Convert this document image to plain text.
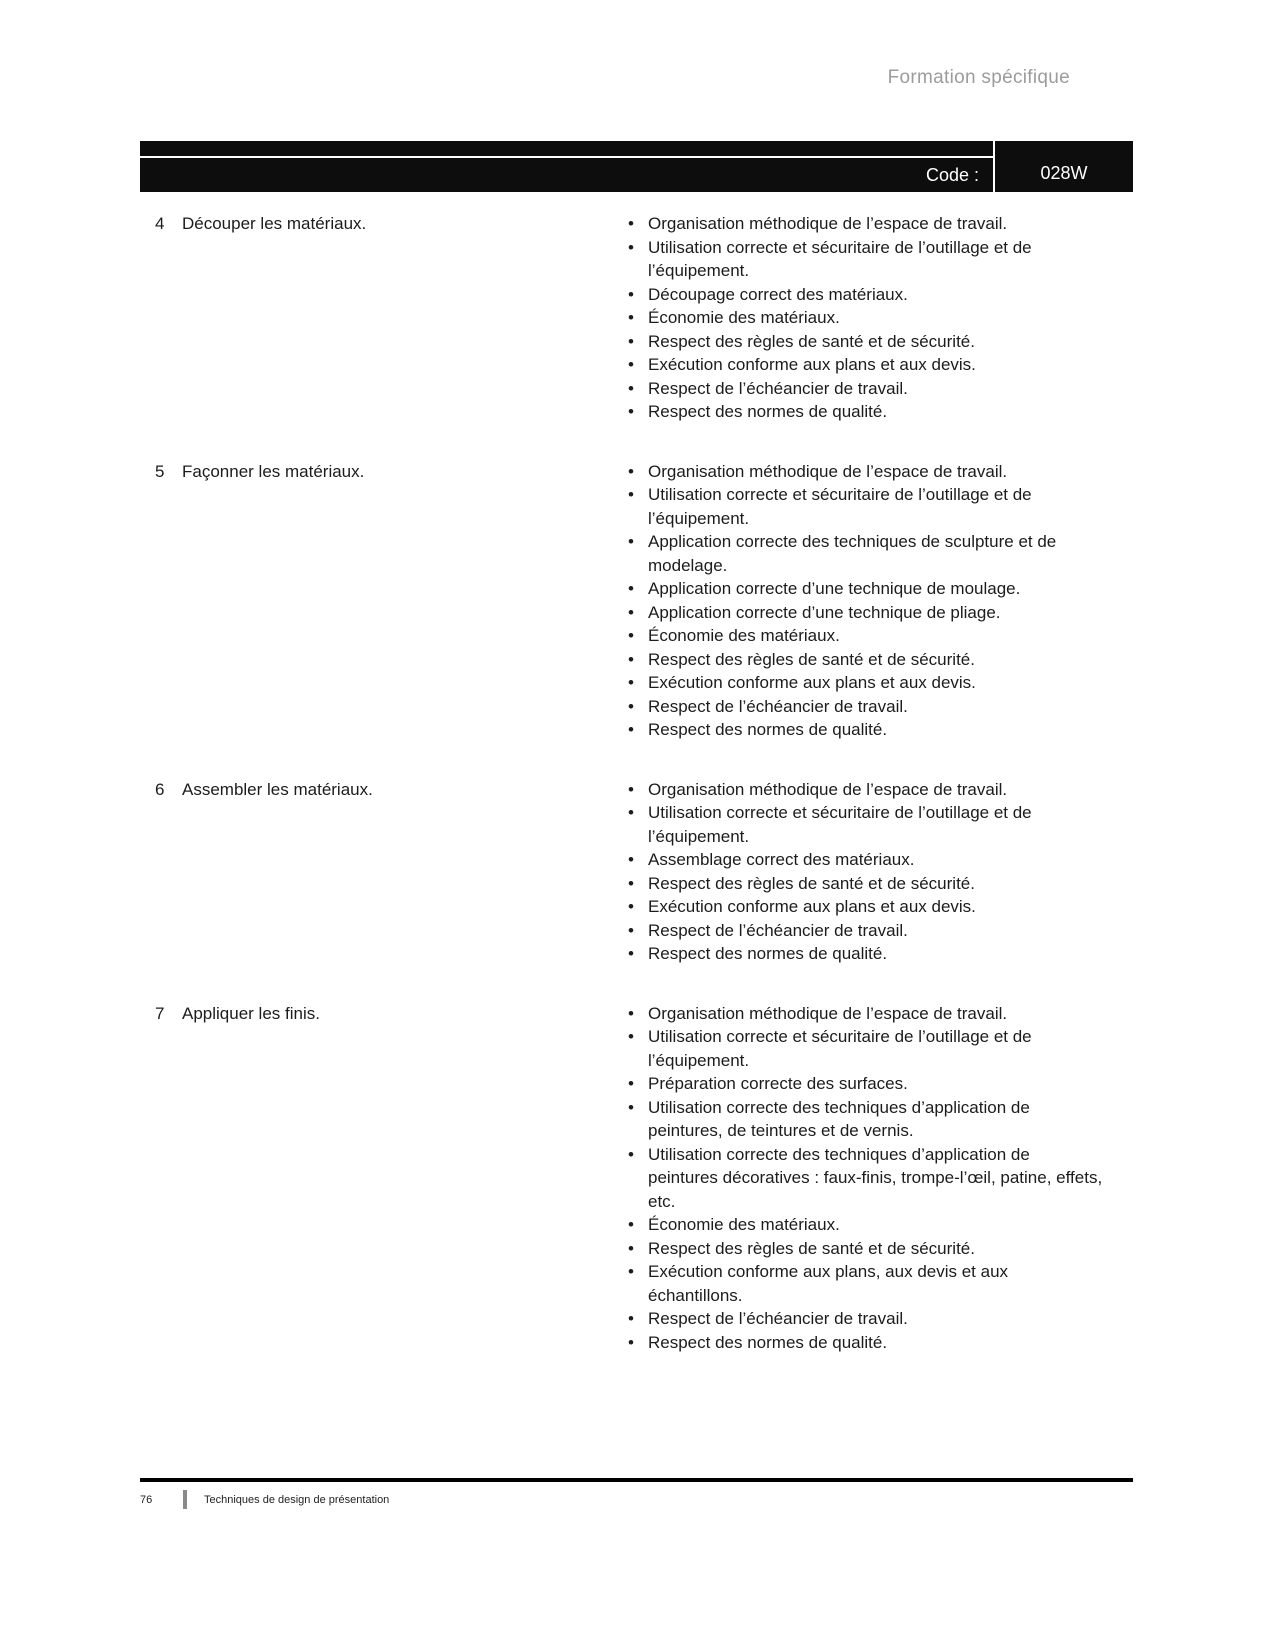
Formation spécifique
Code :	028W
4	Découper les matériaux.	• Organisation méthodique de l’espace de travail.
• Utilisation correcte et sécuritaire de l’outillage et de l’équipement.
• Découpage correct des matériaux.
• Économie des matériaux.
• Respect des règles de santé et de sécurité.
• Exécution conforme aux plans et aux devis.
• Respect de l’échéancier de travail.
• Respect des normes de qualité.
5	Façonner les matériaux.	• Organisation méthodique de l’espace de travail.
• Utilisation correcte et sécuritaire de l’outillage et de l’équipement.
• Application correcte des techniques de sculpture et de modelage.
• Application correcte d’une technique de moulage.
• Application correcte d’une technique de pliage.
• Économie des matériaux.
• Respect des règles de santé et de sécurité.
• Exécution conforme aux plans et aux devis.
• Respect de l’échéancier de travail.
• Respect des normes de qualité.
6	Assembler les matériaux.	• Organisation méthodique de l’espace de travail.
• Utilisation correcte et sécuritaire de l’outillage et de l’équipement.
• Assemblage correct des matériaux.
• Respect des règles de santé et de sécurité.
• Exécution conforme aux plans et aux devis.
• Respect de l’échéancier de travail.
• Respect des normes de qualité.
7	Appliquer les finis.	• Organisation méthodique de l’espace de travail.
• Utilisation correcte et sécuritaire de l’outillage et de l’équipement.
• Préparation correcte des surfaces.
• Utilisation correcte des techniques d’application de peintures, de teintures et de vernis.
• Utilisation correcte des techniques d’application de peintures décoratives : faux-finis, trompe-l’œil, patine, effets, etc.
• Économie des matériaux.
• Respect des règles de santé et de sécurité.
• Exécution conforme aux plans, aux devis et aux échantillons.
• Respect de l’échéancier de travail.
• Respect des normes de qualité.
76	Techniques de design de présentation
